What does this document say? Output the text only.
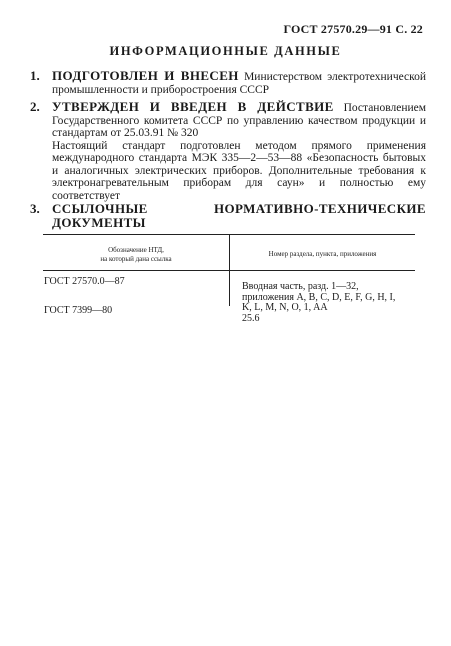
ГОСТ 27570.29—91 С. 22
ИНФОРМАЦИОННЫЕ ДАННЫЕ
1. ПОДГОТОВЛЕН И ВНЕСЕН Министерством электротехнической промышленности и приборостроения СССР
2. УТВЕРЖДЕН И ВВЕДЕН В ДЕЙСТВИЕ Постановлением Государственного комитета СССР по управлению качеством продукции и стандартам от 25.03.91 № 320
Настоящий стандарт подготовлен методом прямого применения международного стандарта МЭК 335—2—53—88 «Безопасность бытовых и аналогичных электрических приборов. Дополнительные требования к электронагревательным приборам для саун» и полностью ему соответствует
3. ССЫЛОЧНЫЕ НОРМАТИВНО-ТЕХНИЧЕСКИЕ ДОКУМЕНТЫ
Обозначение НТД,
на который дана ссылка
Номер раздела, пункта, приложения
ГОСТ 27570.0—87	Вводная часть, разд. 1—32,
приложения А, В, С, D, E, F, G, H, I,
K, L, M, N, O, 1, AA
25.6
ГОСТ 7399—80
